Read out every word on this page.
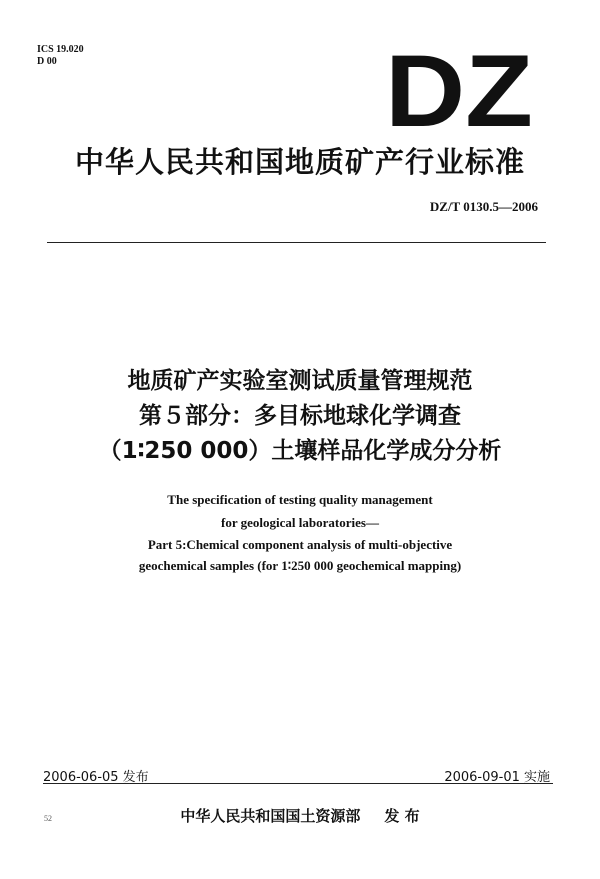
ICS 19.020
D 00	DZ
中华人民共和国地质矿产行业标准
DZ/T 0130.5—2006
地质矿产实验室测试质量管理规范
第５部分：多目标地球化学调查
（1∶250 000）土壤样品化学成分分析
The specification of testing quality management
for geological laboratories—
Part 5:Chemical component analysis of multi-objective
geochemical samples (for 1∶250 000 geochemical mapping)
2006-06-05 发布	2006-09-01 实施
中华人民共和国国土资源部 发 布
52
